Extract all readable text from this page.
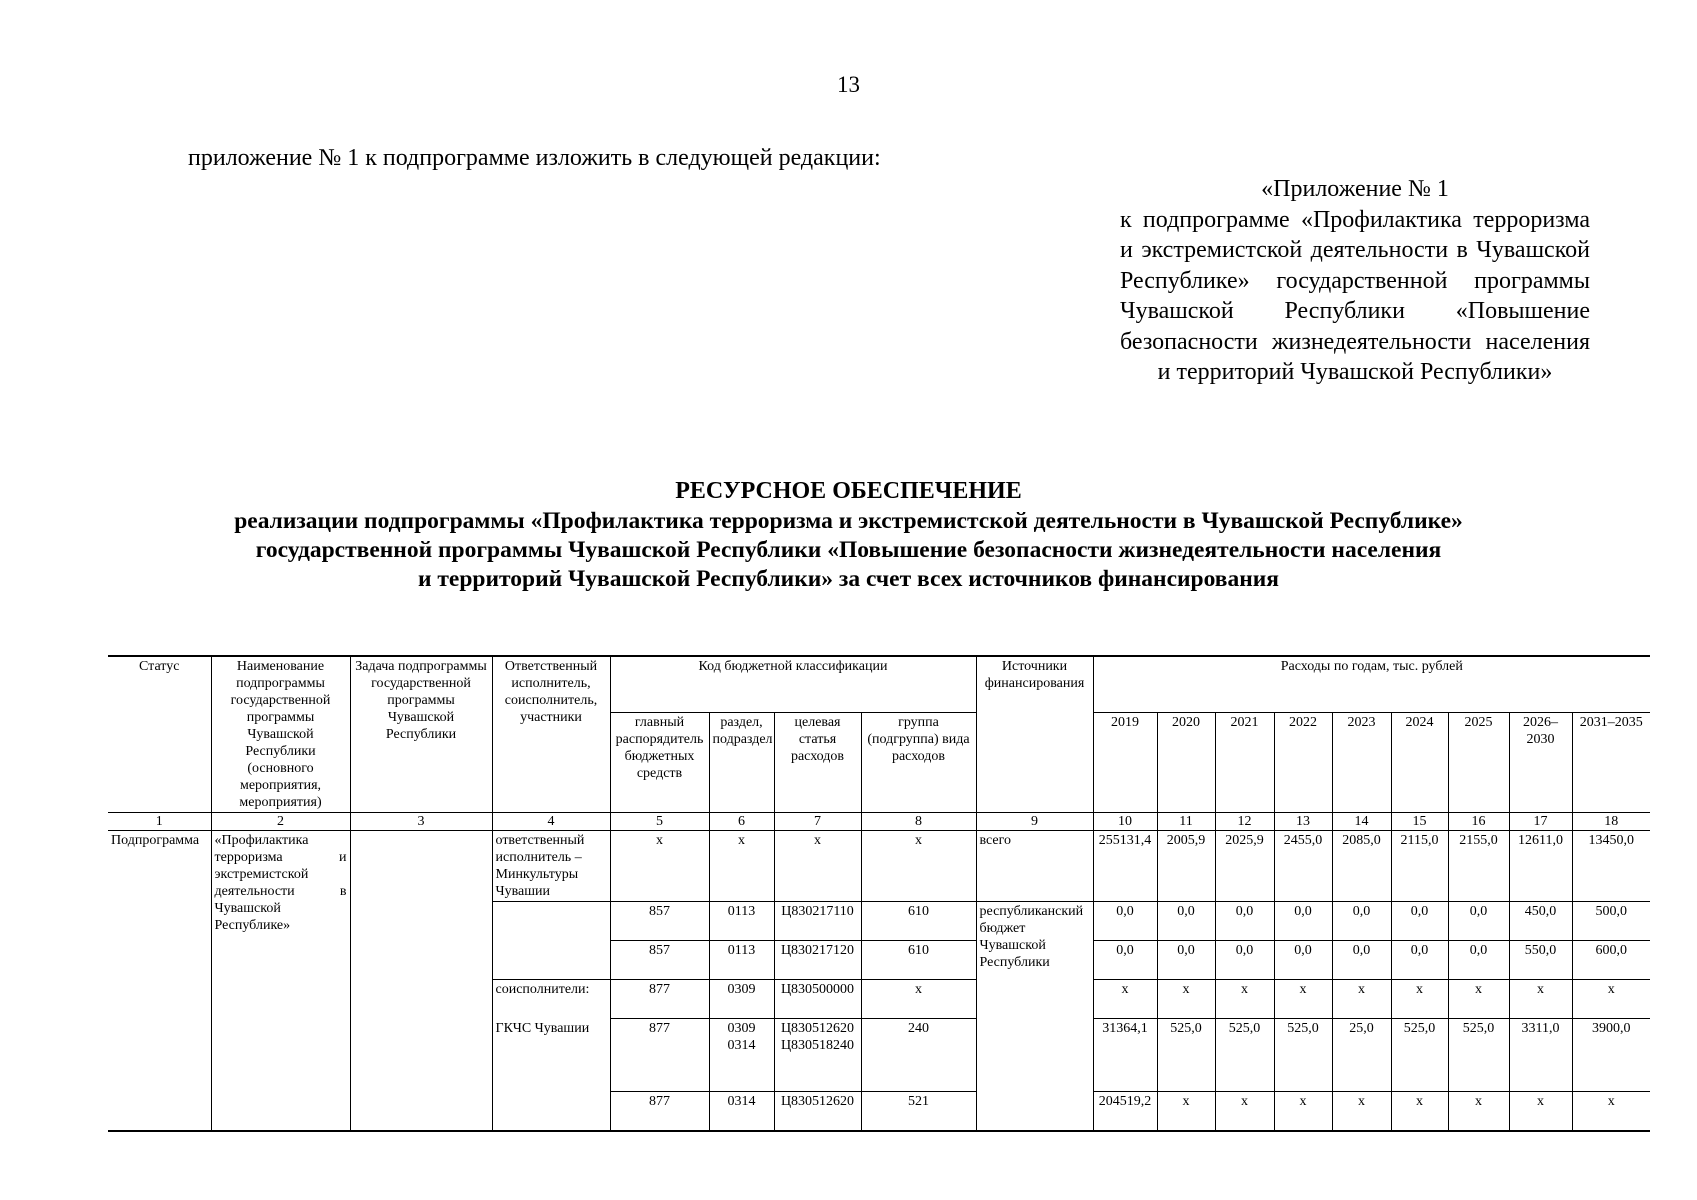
13
приложение № 1 к подпрограмме изложить в следующей редакции:
«Приложение № 1
к подпрограмме «Профилактика терроризма и экстремистской деятельности в Чувашской Республике» государственной программы Чувашской Республики «Повышение безопасности жизнедеятельности населения и территорий Чувашской Республики»
РЕСУРСНОЕ ОБЕСПЕЧЕНИЕ
реализации подпрограммы «Профилактика терроризма и экстремистской деятельности в Чувашской Республике»
государственной программы Чувашской Республики «Повышение безопасности жизнедеятельности населения
и территорий Чувашской Республики» за счет всех источников финансирования
Статус	Наименование подпрограммы государственной программы Чувашской Республики (основного мероприятия, мероприятия)	Задача подпрограммы государственной программы Чувашской Республики	Ответственный исполнитель, соисполнитель, участники	Код бюджетной классификации				Источники финансирования	Расходы по годам, тыс. рублей								
				главный распорядитель бюджетных средств	раздел, подраздел	целевая статья расходов	группа (подгруппа) вида расходов		2019	2020	2021	2022	2023	2024	2025	2026–2030	2031–2035
1	2	3	4	5	6	7	8	9	10	11	12	13	14	15	16	17	18
Подпрограмма	«Профилактика терроризма и экстремистской деятельности в Чувашской Республике»		ответственный исполнитель – Минкультуры Чувашии	х	х	х	х	всего	255131,4	2005,9	2025,9	2455,0	2085,0	2115,0	2155,0	12611,0	13450,0
				857	0113	Ц830217110	610	республиканский бюджет Чувашской Республики	0,0	0,0	0,0	0,0	0,0	0,0	0,0	450,0	500,0
				857	0113	Ц830217120	610		0,0	0,0	0,0	0,0	0,0	0,0	0,0	550,0	600,0
			соисполнители:	877	0309	Ц830500000	х		х	х	х	х	х	х	х	х	х
			ГКЧС Чувашии	877	0309 0314	Ц830512620 Ц830518240	240		31364,1	525,0	525,0	525,0	25,0	525,0	525,0	3311,0	3900,0
				877	0314	Ц830512620	521		204519,2	х	х	х	х	х	х	х	х
